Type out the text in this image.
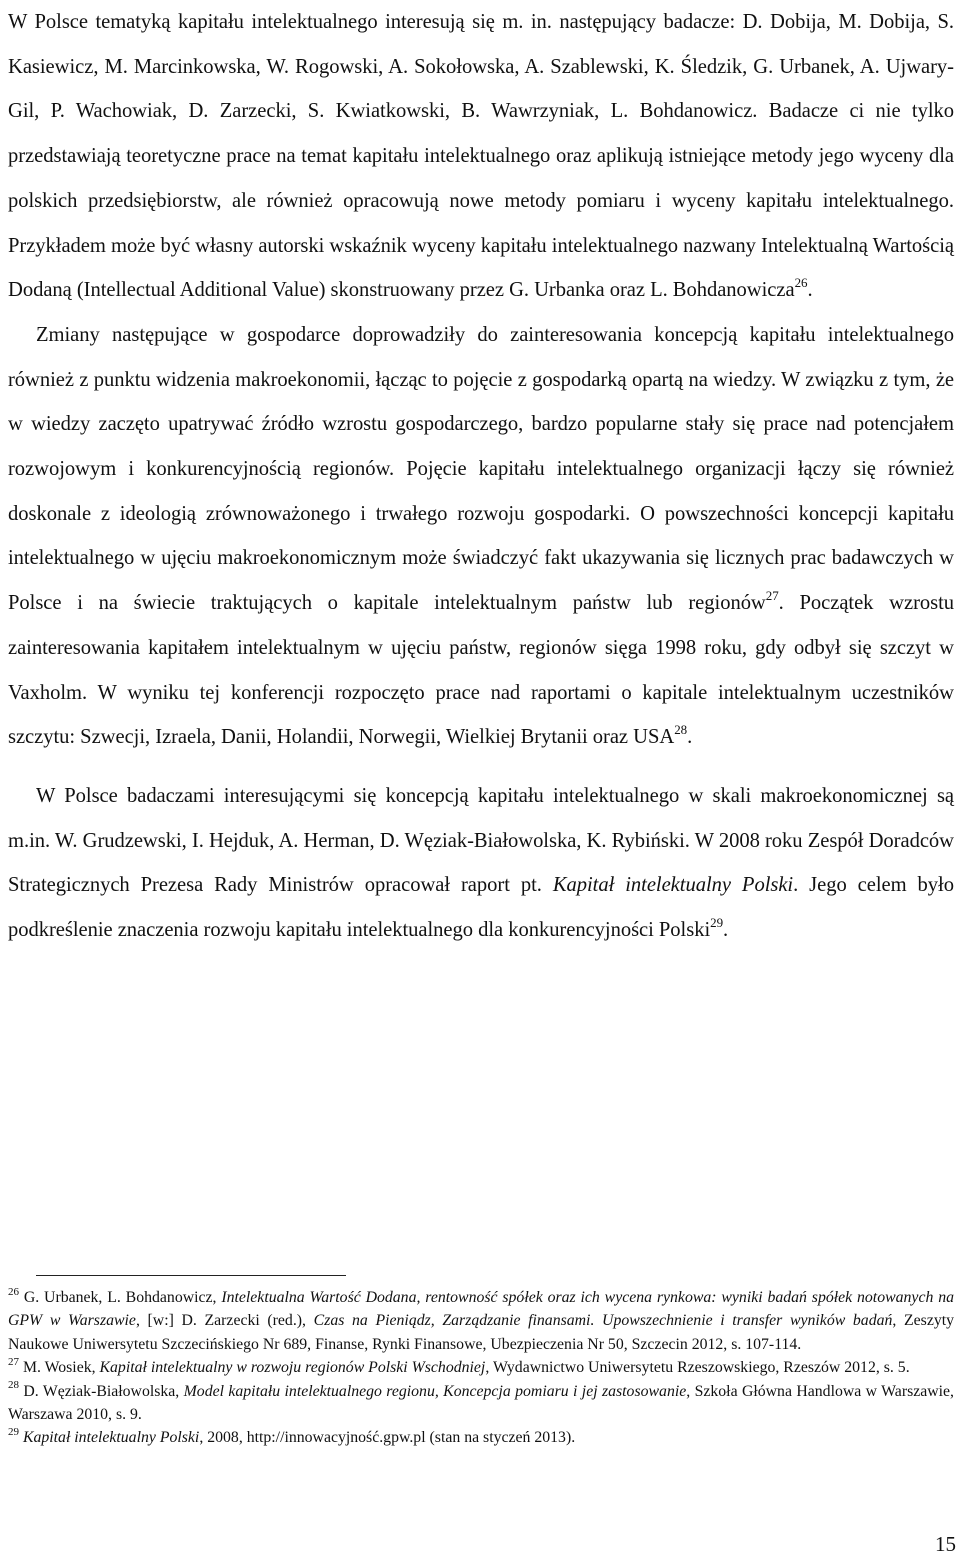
W Polsce tematyką kapitału intelektualnego interesują się m. in. następujący badacze: D. Dobija, M. Dobija, S. Kasiewicz, M. Marcinkowska, W. Rogowski, A. Sokołowska, A. Szablewski, K. Śledzik, G. Urbanek, A. Ujwary-Gil, P. Wachowiak, D. Zarzecki, S. Kwiatkowski, B. Wawrzyniak, L. Bohdanowicz. Badacze ci nie tylko przedstawiają teoretyczne prace na temat kapitału intelektualnego oraz aplikują istniejące metody jego wyceny dla polskich przedsiębiorstw, ale również opracowują nowe metody pomiaru i wyceny kapitału intelektualnego. Przykładem może być własny autorski wskaźnik wyceny kapitału intelektualnego nazwany Intelektualną Wartością Dodaną (Intellectual Additional Value) skonstruowany przez G. Urbanka oraz L. Bohdanowicza$^{26}$.

Zmiany następujące w gospodarce doprowadziły do zainteresowania koncepcją kapitału intelektualnego również z punktu widzenia makroekonomii, łącząc to pojęcie z gospodarką opartą na wiedzy. W związku z tym, że w wiedzy zaczęto upatrywać źródło wzrostu gospodarczego, bardzo popularne stały się prace nad potencjałem rozwojowym i konkurencyjnością regionów. Pojęcie kapitału intelektualnego organizacji łączy się również doskonale z ideologią zrównoważonego i trwałego rozwoju gospodarki. O powszechności koncepcji kapitału intelektualnego w ujęciu makroekonomicznym może świadczyć fakt ukazywania się licznych prac badawczych w Polsce i na świecie traktujących o kapitale intelektualnym państw lub regionów$^{27}$. Początek wzrostu zainteresowania kapitałem intelektualnym w ujęciu państw, regionów sięga 1998 roku, gdy odbył się szczyt w Vaxholm. W wyniku tej konferencji rozpoczęto prace nad raportami o kapitale intelektualnym uczestników szczytu: Szwecji, Izraela, Danii, Holandii, Norwegii, Wielkiej Brytanii oraz USA$^{28}$.

W Polsce badaczami interesującymi się koncepcją kapitału intelektualnego w skali makroekonomicznej są m.in. W. Grudzewski, I. Hejduk, A. Herman, D. Węziak-Białowolska, K. Rybiński. W 2008 roku Zespół Doradców Strategicznych Prezesa Rady Ministrów opracował raport pt. Kapitał intelektualny Polski. Jego celem było podkreślenie znaczenia rozwoju kapitału intelektualnego dla konkurencyjności Polski$^{29}$.

$^{26}$ G. Urbanek, L. Bohdanowicz, Intelektualna Wartość Dodana, rentowność spółek oraz ich wycena rynkowa: wyniki badań spółek notowanych na GPW w Warszawie, [w:] D. Zarzecki (red.), Czas na Pieniądz, Zarządzanie finansami. Upowszechnienie i transfer wyników badań, Zeszyty Naukowe Uniwersytetu Szczecińskiego Nr 689, Finanse, Rynki Finansowe, Ubezpieczenia Nr 50, Szczecin 2012, s. 107-114.

$^{27}$ M. Wosiek, Kapitał intelektualny w rozwoju regionów Polski Wschodniej, Wydawnictwo Uniwersytetu Rzeszowskiego, Rzeszów 2012, s. 5.

$^{28}$ D. Węziak-Białowolska, Model kapitału intelektualnego regionu, Koncepcja pomiaru i jej zastosowanie, Szkoła Główna Handlowa w Warszawie, Warszawa 2010, s. 9.

$^{29}$ Kapitał intelektualny Polski, 2008, http://innowacyjność.gpw.pl (stan na styczeń 2013).

15
